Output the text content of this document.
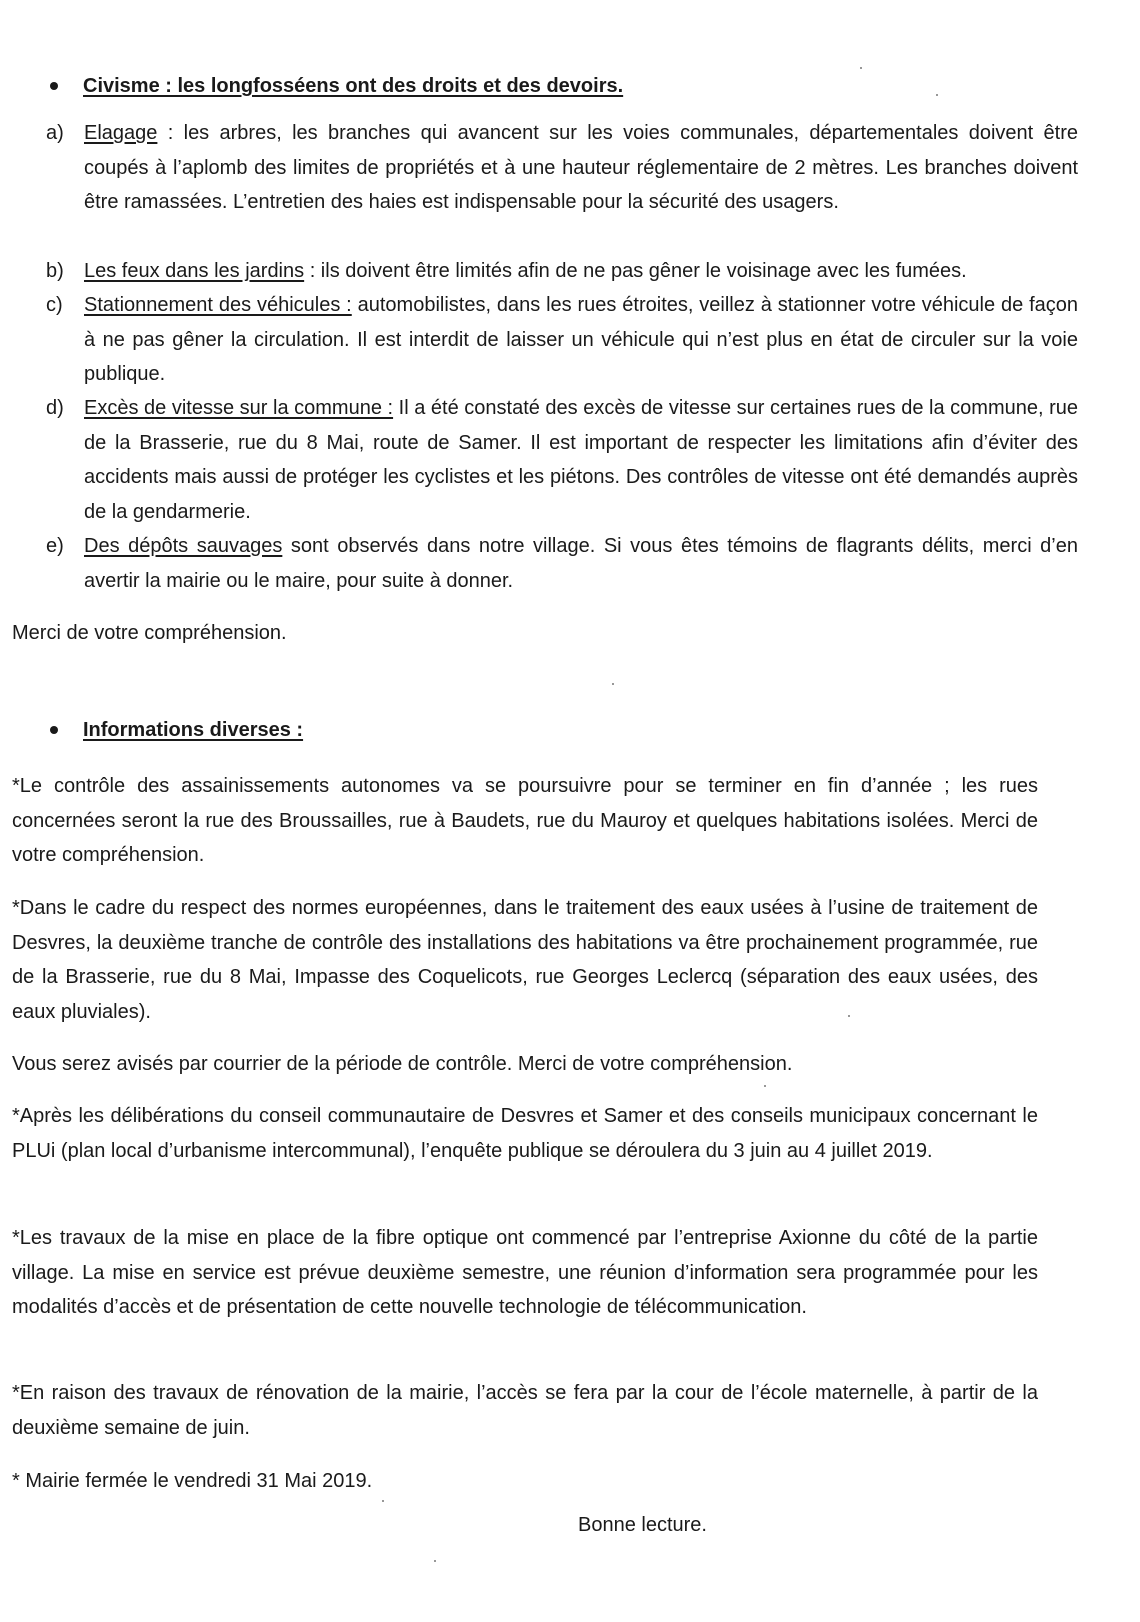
Civisme : les longfosséens ont des droits et des devoirs.
a) Elagage : les arbres, les branches qui avancent sur les voies communales, départementales doivent être coupés à l’aplomb des limites de propriétés et à une hauteur réglementaire de 2 mètres. Les branches doivent être ramassées. L’entretien des haies est indispensable pour la sécurité des usagers.
b) Les feux dans les jardins : ils doivent être limités afin de ne pas gêner le voisinage avec les fumées.
c) Stationnement des véhicules : automobilistes, dans les rues étroites, veillez à stationner votre véhicule de façon à ne pas gêner la circulation. Il est interdit de laisser un véhicule qui n’est plus en état de circuler sur la voie publique.
d) Excès de vitesse sur la commune : Il a été constaté des excès de vitesse sur certaines rues de la commune, rue de la Brasserie, rue du 8 Mai, route de Samer. Il est important de respecter les limitations afin d’éviter des accidents mais aussi de protéger les cyclistes et les piétons. Des contrôles de vitesse ont été demandés auprès de la gendarmerie.
e) Des dépôts sauvages sont observés dans notre village. Si vous êtes témoins de flagrants délits, merci d’en avertir la mairie ou le maire, pour suite à donner.
Merci de votre compréhension.
Informations diverses :
*Le contrôle des assainissements autonomes va se poursuivre pour se terminer en fin d’année ; les rues concernées seront la rue des Broussailles, rue à Baudets, rue du Mauroy et quelques habitations isolées. Merci de votre compréhension.
*Dans le cadre du respect des normes européennes, dans le traitement des eaux usées à l’usine de traitement de Desvres, la deuxième tranche de contrôle des installations des habitations va être prochainement programmée, rue de la Brasserie, rue du 8 Mai, Impasse des Coquelicots, rue Georges Leclercq (séparation des eaux usées, des eaux pluviales).
Vous serez avisés par courrier de la période de contrôle. Merci de votre compréhension.
*Après les délibérations du conseil communautaire de Desvres et Samer et des conseils municipaux concernant le PLUi (plan local d’urbanisme intercommunal), l’enquête publique se déroulera du 3 juin au 4 juillet 2019.
*Les travaux de la mise en place de la fibre optique ont commencé par l’entreprise Axionne du côté de la partie village. La mise en service est prévue deuxième semestre, une réunion d’information sera programmée pour les modalités d’accès et de présentation de cette nouvelle technologie de télécommunication.
*En raison des travaux de rénovation de la mairie, l’accès se fera par la cour de l’école maternelle, à partir de la deuxième semaine de juin.
* Mairie fermée le vendredi 31 Mai 2019.
Bonne lecture.
